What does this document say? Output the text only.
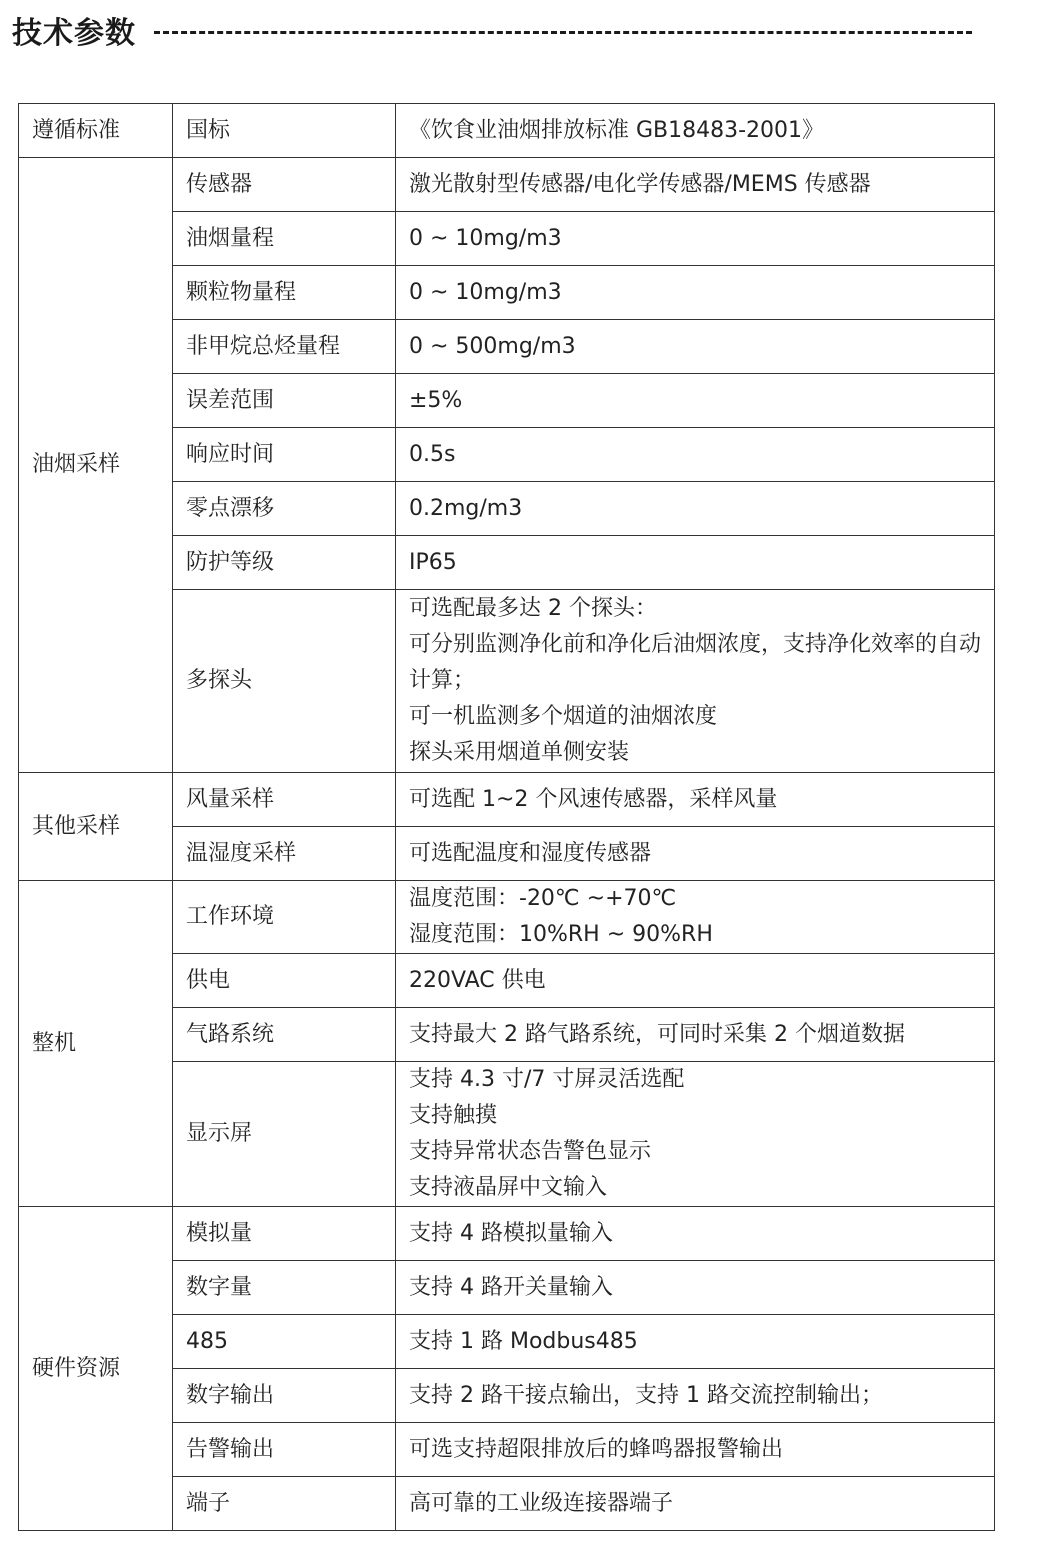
技术参数
遵循标准	国标	《饮食业油烟排放标准 GB18483-2001》
油烟采样	传感器	激光散射型传感器/电化学传感器/MEMS 传感器

	油烟量程	0 ~ 10mg/m3

	颗粒物量程	0 ~ 10mg/m3

	非甲烷总烃量程	0 ~ 500mg/m3

	误差范围	±5%

	响应时间	0.5s

	零点漂移	0.2mg/m3

	防护等级	IP65

	多探头	可选配最多达 2 个探头：
可分别监测净化前和净化后油烟浓度，支持净化效率的自动计算；
可一机监测多个烟道的油烟浓度
探头采用烟道单侧安装

其他采样	风量采样	可选配 1~2 个风速传感器，采样风量

	温湿度采样	可选配温度和湿度传感器

整机	工作环境	温度范围：-20℃ ~+70℃
湿度范围：10%RH ~ 90%RH

	供电	220VAC 供电

	气路系统	支持最大 2 路气路系统，可同时采集 2 个烟道数据

	显示屏	支持 4.3 寸/7 寸屏灵活选配
支持触摸
支持异常状态告警色显示
支持液晶屏中文输入

硬件资源	模拟量	支持 4 路模拟量输入

	数字量	支持 4 路开关量输入

	485	支持 1 路 Modbus485

	数字输出	支持 2 路干接点输出，支持 1 路交流控制输出；

	告警输出	可选支持超限排放后的蜂鸣器报警输出

	端子	高可靠的工业级连接器端子
